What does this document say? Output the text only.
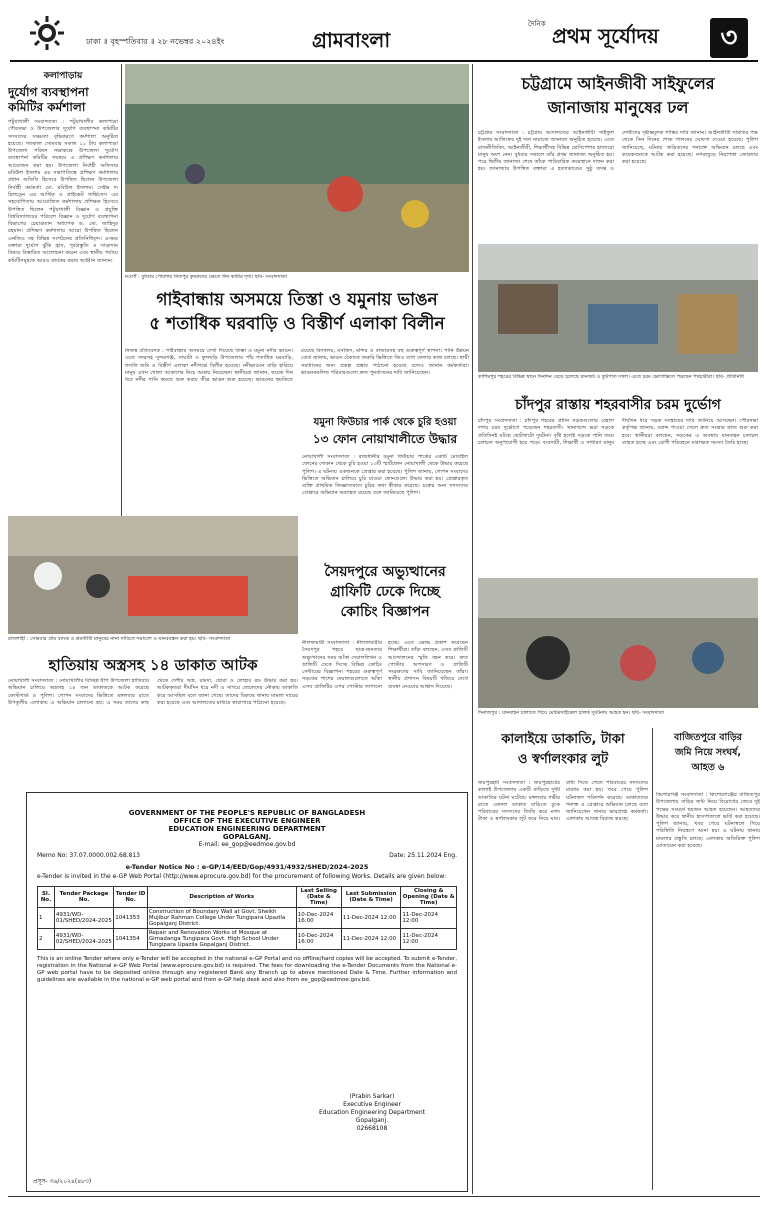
ঢাকা ॥ বৃহস্পতিবার ॥ ২৮ নভেম্বর ২০২৪ইং	গ্রামবাংলা
দৈনিক প্রথম সূর্যোদয়	৩
কলাপাড়ায়
দুর্যোগ ব্যবস্থাপনা কমিটির কর্মশালা
পটুয়াখালী সংবাদদাতা : পটুয়াখালীর কলাপাড়া পৌরসভা ও উপজেলার দুর্যোগ ব্যবস্থাপনা কমিটির সদস্যদের সক্ষমতা বৃদ্ধিকরণে কর্মশালা অনুষ্ঠিত হয়েছে। গতকাল সোমবার সকাল ১১ টায় কলাপাড়া উপজেলা পরিষদ সভাকক্ষে উপজেলা দুর্যোগ ব্যবস্থাপনা কমিটির সমন্বয়ে এ প্রশিক্ষণ কর্মশালার আয়োজন করা হয়। উপজেলা নির্বাহী অফিসার রবিউল ইসলাম এর সভাপতিত্বে প্রশিক্ষণ কর্মশালায় প্রধান অতিথি হিসেবে উপস্থিত ছিলেন উপজেলা নির্বাহী কর্মকর্তা মো. রবিউল ইসলাম। সেইভ দ্য চিলড্রেন এর আর্থিক ও প্রাইভেট সার্ভিসেস এর সহযোগিতায় আয়োজিত কর্মশালায় প্রশিক্ষক হিসেবে উপস্থিত ছিলেন পটুয়াখালী বিজ্ঞান ও প্রযুক্তি বিশ্ববিদ্যালয়ের পরিবেশ বিজ্ঞান ও দুর্যোগ ব্যবস্থাপনা বিভাগের চেয়ারম্যান অধ্যাপক ড. মো. জাহিদুর রহমান। প্রশিক্ষণ কর্মশালায় আরো উপস্থিত ছিলেন এনজিও সহ বিভিন্ন সংগঠনের প্রতিনিধিবৃন্দ। এসময় বক্তারা দুর্যোগ ঝুঁকি হ্রাস, পূর্বপ্রস্তুতি ও সাড়াদান বিষয়ে বিস্তারিত আলোচনা করেন এবং স্থানীয় পর্যায়ে কমিটিসমূহকে আরও কার্যকর করার আহ্বান জানান।
নওগাঁ : বুধবার পোরশায় নিতপুর কৃষকদের ক্ষেতে ধান কাটার দৃশ্য। ছবি- সংবাদদাতা
গাইবান্ধায় অসময়ে তিস্তা ও যমুনায় ভাঙন
৫ শতাধিক ঘরবাড়ি ও বিস্তীর্ণ এলাকা বিলীন
নিজস্ব প্রতিবেদক : গাইবান্ধায় অসময়ে দেখা দিয়েছে তিস্তা ও যমুনা নদীর ভাঙন। এতে সদরসহ সুন্দরগঞ্জ, সাঘাটা ও ফুলছড়ি উপজেলার পাঁচ শতাধিক ঘরবাড়ি, ফসলি জমি ও বিস্তীর্ণ এলাকা নদীগর্ভে বিলীন হয়েছে। নদীভাঙনে বাড়ি হারিয়ে মানুষ এখন খোলা আকাশের নিচে আশ্রয় নিয়েছেন। স্থানীয়রা জানান, কয়েক দিন ধরে নদীর পানি কমতে শুরু করায় তীব্র ভাঙন শুরু হয়েছে। ভাঙনের হুমকিতে রয়েছে বিদ্যালয়, মসজিদ, মন্দির ও বাজারসহ বহু গুরুত্বপূর্ণ স্থাপনা। পানি উন্নয়ন বোর্ড জানায়, ভাঙন ঠেকাতে জরুরি ভিত্তিতে জিও ব্যাগ ফেলার কাজ চলছে। স্থায়ী সমাধানের জন্য প্রকল্প প্রস্তাব পাঠানো হয়েছে বলেও জানান কর্মকর্তারা। ভাঙনকবলিত পরিবারগুলো দ্রুত পুনর্বাসনের দাবি জানিয়েছেন।
যমুনা ফিউচার পার্ক থেকে চুরি হওয়া
১৩ ফোন নোয়াখালীতে উদ্ধার
নোয়াখালী সংবাদদাতা : রাজধানীর যমুনা ফিউচার পার্কের একটি মোবাইল ফোনের দোকান থেকে চুরি হওয়া ১৩টি স্মার্টফোন নোয়াখালী থেকে উদ্ধার করেছে পুলিশ। এ ঘটনায় একজনকে গ্রেপ্তার করা হয়েছে। পুলিশ জানায়, গোপন সংবাদের ভিত্তিতে অভিযান চালিয়ে চুরি যাওয়া ফোনগুলো উদ্ধার করা হয়। গ্রেপ্তারকৃত ব্যক্তি প্রাথমিক জিজ্ঞাসাবাদে চুরির কথা স্বীকার করেছে। চক্রের অন্য সদস্যদের গ্রেপ্তারে অভিযান অব্যাহত রয়েছে বলে জানিয়েছে পুলিশ।
রাজশাহী : সোমবার গ্রাম ব্যাংক ও শ্রমজীবী মানুষের নানা দাবিতে সমাবেশ ও মানববন্ধন করা হয়। ছবি- সংবাদদাতা
হাতিয়ায় অস্ত্রসহ ১৪ ডাকাত আটক
নোয়াখালী সংবাদদাতা : নোয়াখালীর বিচ্ছিন্ন দ্বীপ উপজেলা হাতিয়ায় অভিযান চালিয়ে অস্ত্রসহ ১৪ জন ডাকাতকে আটক করেছে কোস্টগার্ড ও পুলিশ। গোপন সংবাদের ভিত্তিতে মঙ্গলবার রাতে উপকূলীয় এলাকায় এ অভিযান চালানো হয়। এ সময় তাদের কাছ থেকে দেশীয় অস্ত্র, রামদা, ছোরা ও লোহার রড উদ্ধার করা হয়। আটককৃতরা দীর্ঘদিন ধরে নদী ও সাগরে জেলেদের নৌকায় ডাকাতি করে আসছিল বলে জানা গেছে। তাদের বিরুদ্ধে থানায় মামলা দায়ের করা হয়েছে এবং আদালতের মাধ্যমে কারাগারে পাঠানো হয়েছে।
সৈয়দপুরে অভ্যুত্থানের
গ্রাফিটি ঢেকে দিচ্ছে
কোচিং বিজ্ঞাপন
নীলফামারী সংবাদদাতা : নীলফামারীর সৈয়দপুর শহরে ছাত্র-জনতার অভ্যুত্থানের সময় আঁকা দেয়াললিখন ও গ্রাফিটি ঢেকে দিচ্ছে বিভিন্ন কোচিং সেন্টারের বিজ্ঞাপন। শহরের গুরুত্বপূর্ণ সড়কের পাশের দেয়ালগুলোতে আঁকা এসব গ্রাফিটির ওপর পোস্টার লাগানো হচ্ছে। এতে ক্ষোভ প্রকাশ করেছেন শিক্ষার্থীরা। তাঁরা বলছেন, এসব গ্রাফিটি আন্দোলনের স্মৃতি বহন করে। দ্রুত পোস্টার অপসারণ ও গ্রাফিটি সংরক্ষণের দাবি জানিয়েছেন তাঁরা। স্থানীয় প্রশাসন বিষয়টি খতিয়ে দেখে ব্যবস্থা নেওয়ার আশ্বাস দিয়েছে।
GOVERNMENT OF THE PEOPLE'S REPUBLIC OF BANGLADESH
OFFICE OF THE EXECUTIVE ENGINEER
EDUCATION ENGINEERING DEPARTMENT
GOPALGANJ.
E-mail: ee_gop@eedmoe.gov.bd
Memo No: 37.07.0000.002.68.813	Date: 25.11.2024 Eng.
e-Tender Notice No : e-GP/14/EED/Gop/4931/4932/SHED/2024-2025
e-Tender is invited in the e-GP Web Portal (http://www.eprocure.gov.bd) for the procurement of following Works. Details are given below:
Sl. No.	Tender Package No.	Tender ID No.	Description of Works	Last Selling (Date & Time)	Last Submission (Date & Time)	Closing & Opening (Date & Time)
1	4931/WD-01/SHED/2024-2025	1041353	Construction of Boundary Wall at Govt. Sheikh Mujibur Rahman College Under Tungipara Upazila Gopalganj District.	10-Dec-2024 16:00	11-Dec-2024 12:00	11-Dec-2024 12:00
2	4931/WD-02/SHED/2024-2025	1041354	Repair and Renovation Works of Mosque at Gimadanga Tungipara Govt. High School Under Tungipara Upazila Gopalganj District.	10-Dec-2024 16:00	11-Dec-2024 12:00	11-Dec-2024 12:00
This is an online Tender where only e-Tender will be accepted in the national e-GP Portal and no offline/hard copies will be accepted. To submit e-Tender, registration in the National e-GP Web Portal (www.eprocure.gov.bd) is required. The fees for downloading the e-Tender Documents from the National e-GP web portal have to be deposited online through any registered Bank any Branch up to above mentioned Date & Time. Further information and guidelines are available in the national e-GP web portal and from e-GP help desk and also from ee_gop@eedmoe.gov.bd.
(Prabin Sarkar)
Executive Engineer
Education Engineering Department
Gopalganj.
02668108
প্রসূস- ৩৬/২০২৪(৪৮৩)
চট্টগ্রামে আইনজীবী সাইফুলের
জানাজায় মানুষের ঢল
চট্টগ্রাম সংবাদদাতা : চট্টগ্রাম আদালতের আইনজীবী সাইফুল ইসলাম আলিফের দুই দফা নামাজে জানাজা অনুষ্ঠিত হয়েছে। এতে রাজনীতিবিদ, আইনজীবী, শিক্ষার্থীসহ বিভিন্ন শ্রেণিপেশার হাজারো মানুষ অংশ নেন। বুধবার সকালে তাঁর প্রথম জানাজা অনুষ্ঠিত হয়। পরে দ্বিতীয় জানাজা শেষে তাঁকে পারিবারিক কবরস্থানে দাফন করা হয়। জানাজায় উপস্থিত বক্তারা এ হত্যাকাণ্ডের সুষ্ঠু তদন্ত ও দোষীদের দৃষ্টান্তমূলক শাস্তির দাবি জানান। আইনজীবী সমিতির পক্ষ থেকে তিন দিনের শোক পালনের ঘোষণা দেওয়া হয়েছে। পুলিশ জানিয়েছে, ঘটনায় জড়িতদের শনাক্তে অভিযান চলছে এবং কয়েকজনকে আটক করা হয়েছে। নগরজুড়ে নিরাপত্তা জোরদার করা হয়েছে।
কাশিমপুর শহরের বিভিন্ন স্থানে দিনদিন বেড়ে চলেছে যানজট ও ফুটপাত দখল। এতে চরম ভোগান্তিতে পড়ছেন পথচারীরা। ছবি- প্রতিনিধি
চাঁদপুর রাস্তায় শহরবাসীর চরম দুর্ভোগ
চাঁদপুর সংবাদদাতা : চাঁদপুর শহরের প্রধান সড়কগুলোর বেহাল দশায় চরম দুর্ভোগে পড়েছেন শহরবাসী। খানাখন্দে ভরা সড়কে প্রতিদিনই ঘটছে ছোটখাটো দুর্ঘটনা। বৃষ্টি হলেই সড়কে পানি জমে চলাচল অনুপযোগী হয়ে পড়ে। ব্যবসায়ী, শিক্ষার্থী ও সাধারণ মানুষ দীর্ঘদিন ধরে সড়ক সংস্কারের দাবি জানিয়ে আসছেন। পৌরসভা কর্তৃপক্ষ জানায়, বরাদ্দ পাওয়া গেলে দ্রুত সংস্কার কাজ শুরু করা হবে। স্থানীয়রা বলছেন, সড়কের এ অবস্থায় যানবাহন চলাচল ব্যাহত হচ্ছে এবং রোগী পরিবহনে মারাত্মক সমস্যা তৈরি হচ্ছে।
দিনাজপুর : যানবাহন চালাতে গিয়ে মোটরসাইকেল চালক দুর্ঘটনায় আহত হন। ছবি- সংবাদদাতা
কালাইয়ে ডাকাতি, টাকা
ও স্বর্ণালংকার লুট
জয়পুরহাট সংবাদদাতা : জয়পুরহাটের কালাই উপজেলায় একটি বাড়িতে দুর্ধর্ষ ডাকাতির ঘটনা ঘটেছে। মঙ্গলবার গভীর রাতে একদল ডাকাত বাড়িতে ঢুকে পরিবারের সদস্যদের জিম্মি করে নগদ টাকা ও স্বর্ণালংকার লুট করে নিয়ে যায়। বাধা দিতে গেলে পরিবারের সদস্যদের মারধর করা হয়। খবর পেয়ে পুলিশ ঘটনাস্থল পরিদর্শন করেছে। ডাকাতদের শনাক্ত ও গ্রেপ্তারে অভিযান চলছে বলে জানিয়েছেন থানার ভারপ্রাপ্ত কর্মকর্তা। এলাকায় আতঙ্ক বিরাজ করছে।
বাজিতপুরে বাড়ির
জমি নিয়ে সংঘর্ষ,
আহত ৬
কিশোরগঞ্জ সংবাদদাতা : কিশোরগঞ্জের বাজিতপুর উপজেলায় বাড়ির জমি নিয়ে বিরোধের জেরে দুই পক্ষের সংঘর্ষে ছয়জন আহত হয়েছেন। আহতদের উদ্ধার করে স্থানীয় হাসপাতালে ভর্তি করা হয়েছে। পুলিশ জানায়, খবর পেয়ে ঘটনাস্থলে গিয়ে পরিস্থিতি নিয়ন্ত্রণে আনা হয়। এ ঘটনায় থানায় মামলার প্রস্তুতি চলছে। এলাকায় অতিরিক্ত পুলিশ মোতায়েন করা হয়েছে।
